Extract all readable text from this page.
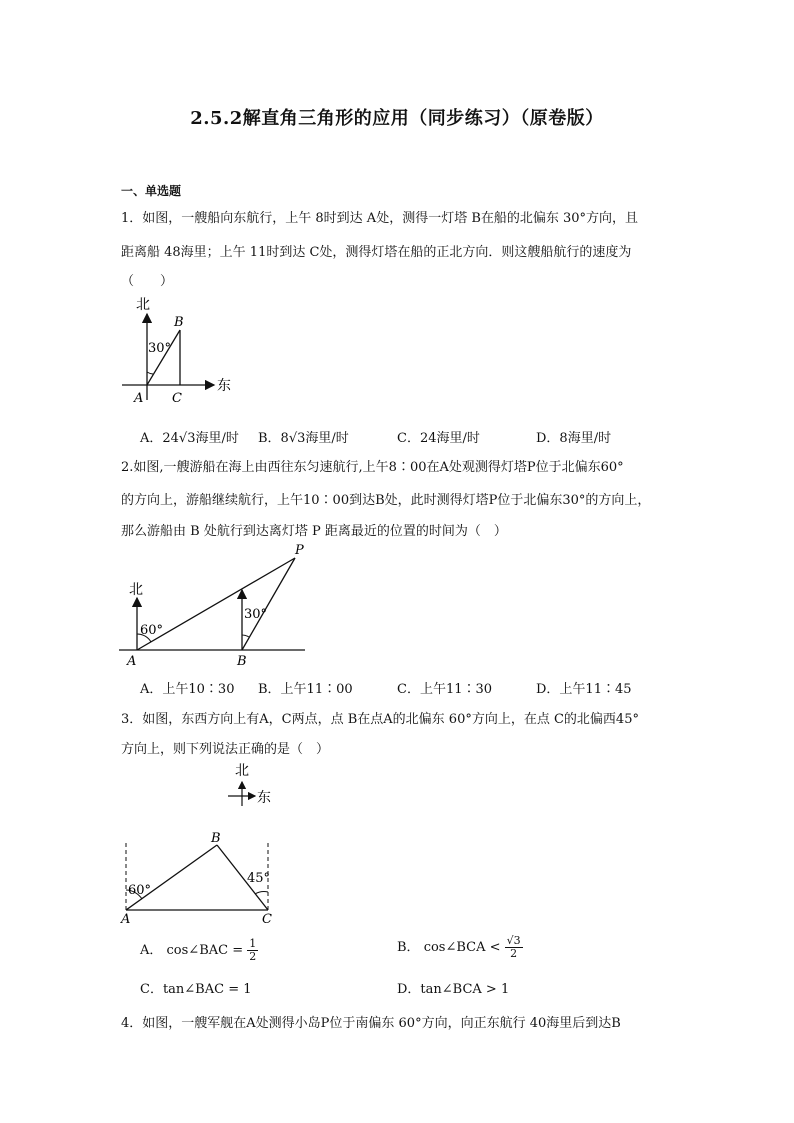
2.5.2解直角三角形的应用（同步练习）（原卷版）
一、单选题
1．如图，一艘船向东航行，上午 8时到达 A处，测得一灯塔 B在船的北偏东 30°方向，且
距离船 48海里；上午 11时到达 C处，测得灯塔在船的正北方向．则这艘船航行的速度为
（　　）
北
东
B
A C
30°
A．24√3海里/时 B．8√3海里/时	C．24海里/时	D．8海里/时
2.如图,一艘游船在海上由西往东匀速航行,上午8∶00在A处观测得灯塔P位于北偏东60°
的方向上，游船继续航行，上午10∶00到达B处，此时测得灯塔P位于北偏东30°的方向上，
那么游船由 B 处航行到达离灯塔 P 距离最近的位置的时间为（　）
北
P
A	B
60°
30°
A．上午10∶30 B．上午11∶00	C．上午11∶30	D．上午11∶45
3．如图，东西方向上有A，C两点，点 B在点A的北偏东 60°方向上，在点 C的北偏西45°
方向上，则下列说法正确的是（　）
北
东
B
A	C
60°
45°
A． cos∠BAC = $\frac{1}{2}$	B． cos∠BCA < $\frac{√3}{2}$
C．tan∠BAC = 1	D．tan∠BCA > 1
4．如图，一艘军舰在A处测得小岛P位于南偏东 60°方向，向正东航行 40海里后到达B
